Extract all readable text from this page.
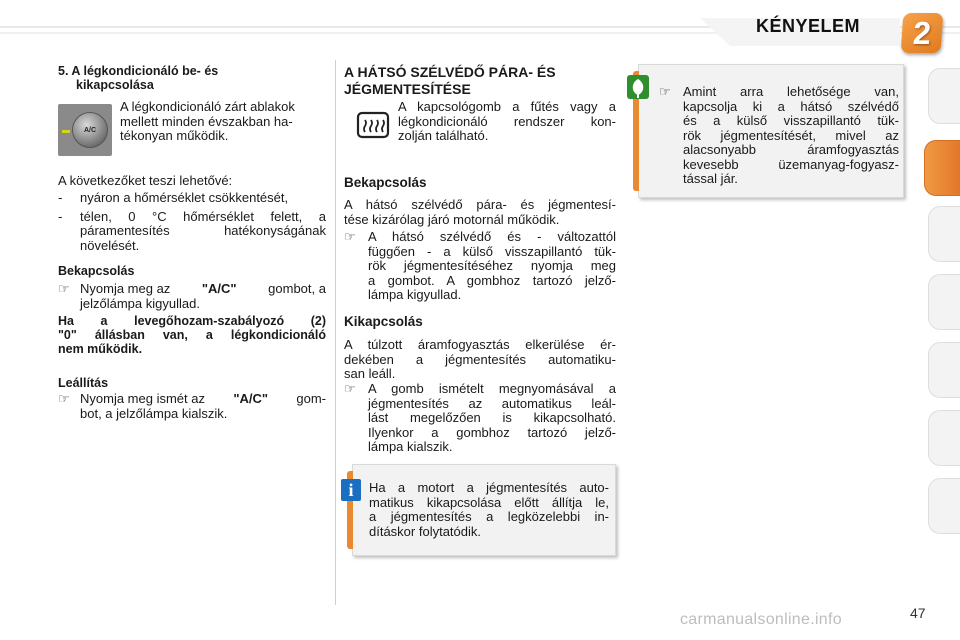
KÉNYELEM	2
5. A légkondicionáló be- és
kikapcsolása
A/C
A légkondicionáló zárt ablakok
mellett minden évszakban ha-
tékonyan működik.
A következőket teszi lehetővé:
-	nyáron a hőmérséklet csökkentését,
-	télen, 0 °C hőmérséklet felett, a
páramentesítés hatékonyságának
növelését.
Bekapcsolás
☞ Nyomja meg az "A/C" gombot, a
jelzőlámpa kigyullad.
Ha a levegőhozam-szabályozó (2)
"0" állásban van, a légkondicionáló
nem működik.
Leállítás
☞ Nyomja meg ismét az "A/C" gom-
bot, a jelzőlámpa kialszik.
A HÁTSÓ SZÉLVÉDŐ PÁRA- ÉS
JÉGMENTESÍTÉSE
A kapcsológomb a fűtés vagy a
légkondicionáló rendszer kon-
zolján található.
Bekapcsolás
A hátsó szélvédő pára- és jégmentesí-
tése kizárólag járó motornál működik.
☞ A hátsó szélvédő és - változattól
függően - a külső visszapillantó tük-
rök jégmentesítéséhez nyomja meg
a gombot. A gombhoz tartozó jelző-
lámpa kigyullad.
Kikapcsolás
A túlzott áramfogyasztás elkerülése ér-
dekében a jégmentesítés automatiku-
san leáll.
☞ A gomb ismételt megnyomásával a
jégmentesítés az automatikus leál-
lást megelőzően is kikapcsolható.
Ilyenkor a gombhoz tartozó jelző-
lámpa kialszik.
i	Ha a motort a jégmentesítés auto-
matikus kikapcsolása előtt állítja le,
a jégmentesítés a legközelebbi in-
dításkor folytatódik.
☞ Amint arra lehetősége van,
kapcsolja ki a hátsó szélvédő
és a külső visszapillantó tük-
rök jégmentesítését, mivel az
alacsonyabb áramfogyasztás
kevesebb üzemanyag-fogyasz-
tással jár.
carmanualsonline.info	47
